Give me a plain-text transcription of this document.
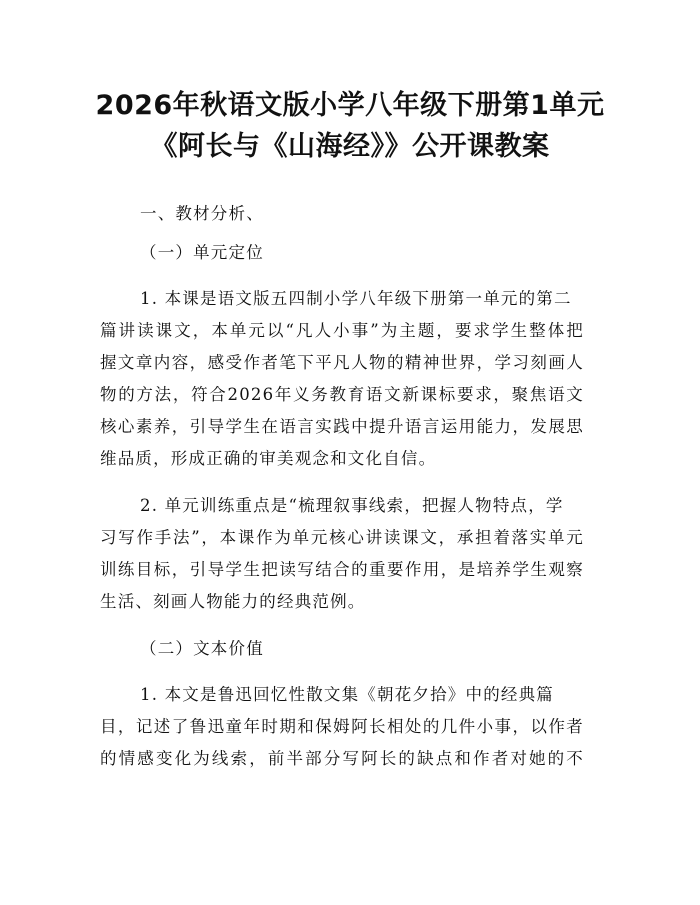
2026年秋语文版小学八年级下册第1单元
《阿长与《山海经》》公开课教案
一、教材分析、
（一）单元定位
1. 本课是语文版五四制小学八年级下册第一单元的第二
篇讲读课文，本单元以“凡人小事”为主题，要求学生整体把
握文章内容，感受作者笔下平凡人物的精神世界，学习刻画人
物的方法，符合2026年义务教育语文新课标要求，聚焦语文
核心素养，引导学生在语言实践中提升语言运用能力，发展思
维品质，形成正确的审美观念和文化自信。
2. 单元训练重点是“梳理叙事线索，把握人物特点，学
习写作手法”，本课作为单元核心讲读课文，承担着落实单元
训练目标，引导学生把读写结合的重要作用，是培养学生观察
生活、刻画人物能力的经典范例。
（二）文本价值
1. 本文是鲁迅回忆性散文集《朝花夕拾》中的经典篇
目，记述了鲁迅童年时期和保姆阿长相处的几件小事，以作者
的情感变化为线索，前半部分写阿长的缺点和作者对她的不
